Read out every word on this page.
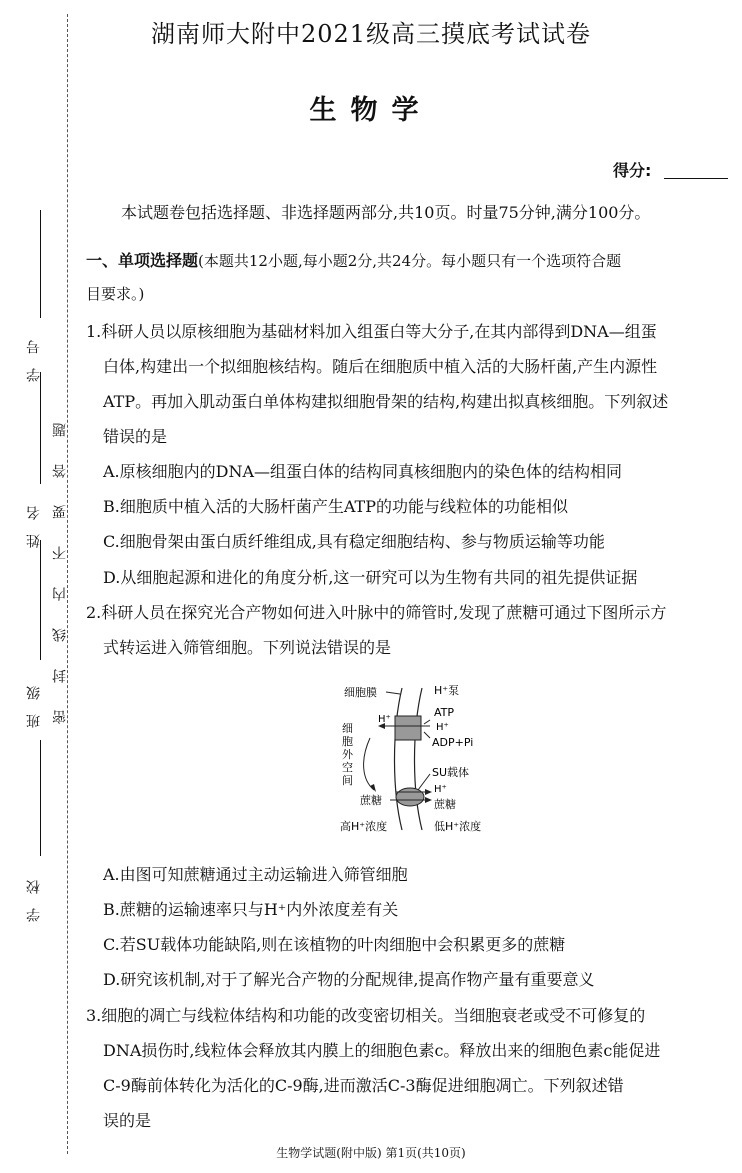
学号
姓名
班级
学校
密封线内不要答题
湖南师大附中2021级高三摸底考试试卷
生物学
得分:
本试题卷包括选择题、非选择题两部分,共10页。时量75分钟,满分100分。
一、单项选择题(本题共12小题,每小题2分,共24分。每小题只有一个选项符合题
目要求。)
1.科研人员以原核细胞为基础材料加入组蛋白等大分子,在其内部得到DNA—组蛋
白体,构建出一个拟细胞核结构。随后在细胞质中植入活的大肠杆菌,产生内源性
ATP。再加入肌动蛋白单体构建拟细胞骨架的结构,构建出拟真核细胞。下列叙述
错误的是
A.原核细胞内的DNA—组蛋白体的结构同真核细胞内的染色体的结构相同
B.细胞质中植入活的大肠杆菌产生ATP的功能与线粒体的功能相似
C.细胞骨架由蛋白质纤维组成,具有稳定细胞结构、参与物质运输等功能
D.从细胞起源和进化的角度分析,这一研究可以为生物有共同的祖先提供证据
2.科研人员在探究光合产物如何进入叶脉中的筛管时,发现了蔗糖可通过下图所示方
式转运进入筛管细胞。下列说法错误的是
细胞膜	H⁺泵
ATP
H⁺
H⁺
ADP+Pi
SU载体
H⁺
蔗糖	蔗糖
高H⁺浓度	低H⁺浓度
细
胞
外
空
间
A.由图可知蔗糖通过主动运输进入筛管细胞
B.蔗糖的运输速率只与H⁺内外浓度差有关
C.若SU载体功能缺陷,则在该植物的叶肉细胞中会积累更多的蔗糖
D.研究该机制,对于了解光合产物的分配规律,提高作物产量有重要意义
3.细胞的凋亡与线粒体结构和功能的改变密切相关。当细胞衰老或受不可修复的
DNA损伤时,线粒体会释放其内膜上的细胞色素c。释放出来的细胞色素c能促进
C-9酶前体转化为活化的C-9酶,进而激活C-3酶促进细胞凋亡。下列叙述错
误的是
生物学试题(附中版) 第1页(共10页)
